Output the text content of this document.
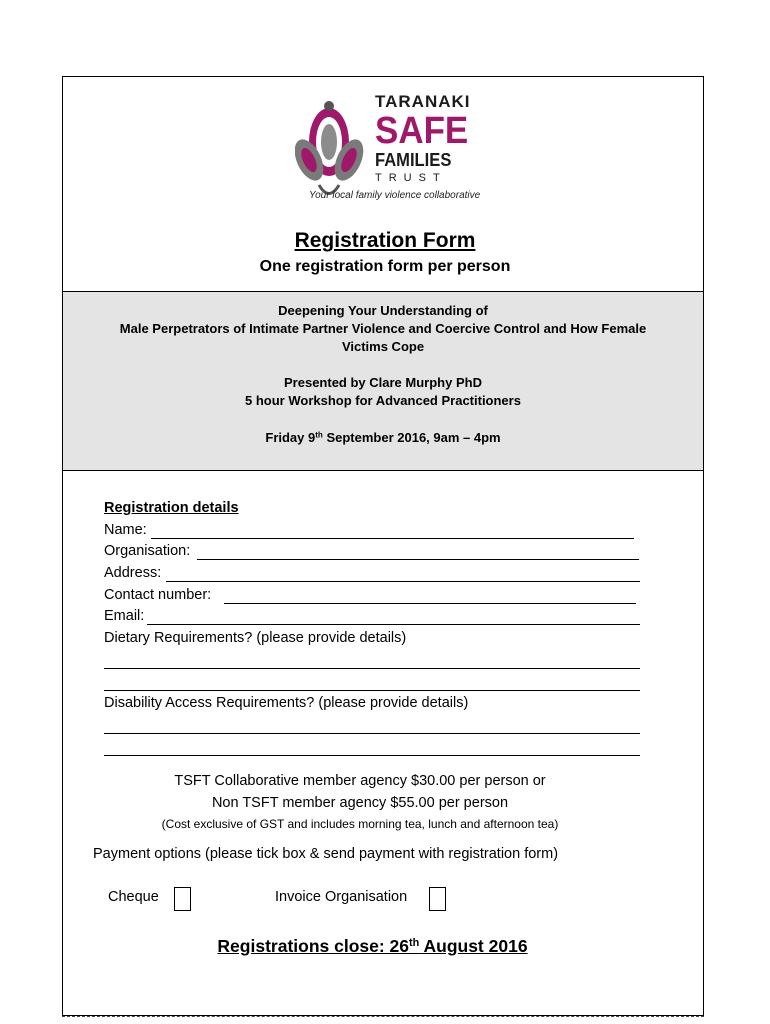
TARANAKI
SAFE
FAMILIES
TRUST
Your local family violence collaborative
Registration Form
One registration form per person
Deepening Your Understanding of
Male Perpetrators of Intimate Partner Violence and Coercive Control and How Female
Victims Cope
Presented by Clare Murphy PhD
5 hour Workshop for Advanced Practitioners
Friday 9th September 2016, 9am – 4pm
Registration details
Name:
Organisation:
Address:
Contact number:
Email:
Dietary Requirements? (please provide details)
Disability Access Requirements? (please provide details)
TSFT Collaborative member agency $30.00 per person or
Non TSFT member agency $55.00 per person
(Cost exclusive of GST and includes morning tea, lunch and afternoon tea)
Payment options (please tick box & send payment with registration form)
Cheque	Invoice Organisation
Registrations close: 26th August 2016
